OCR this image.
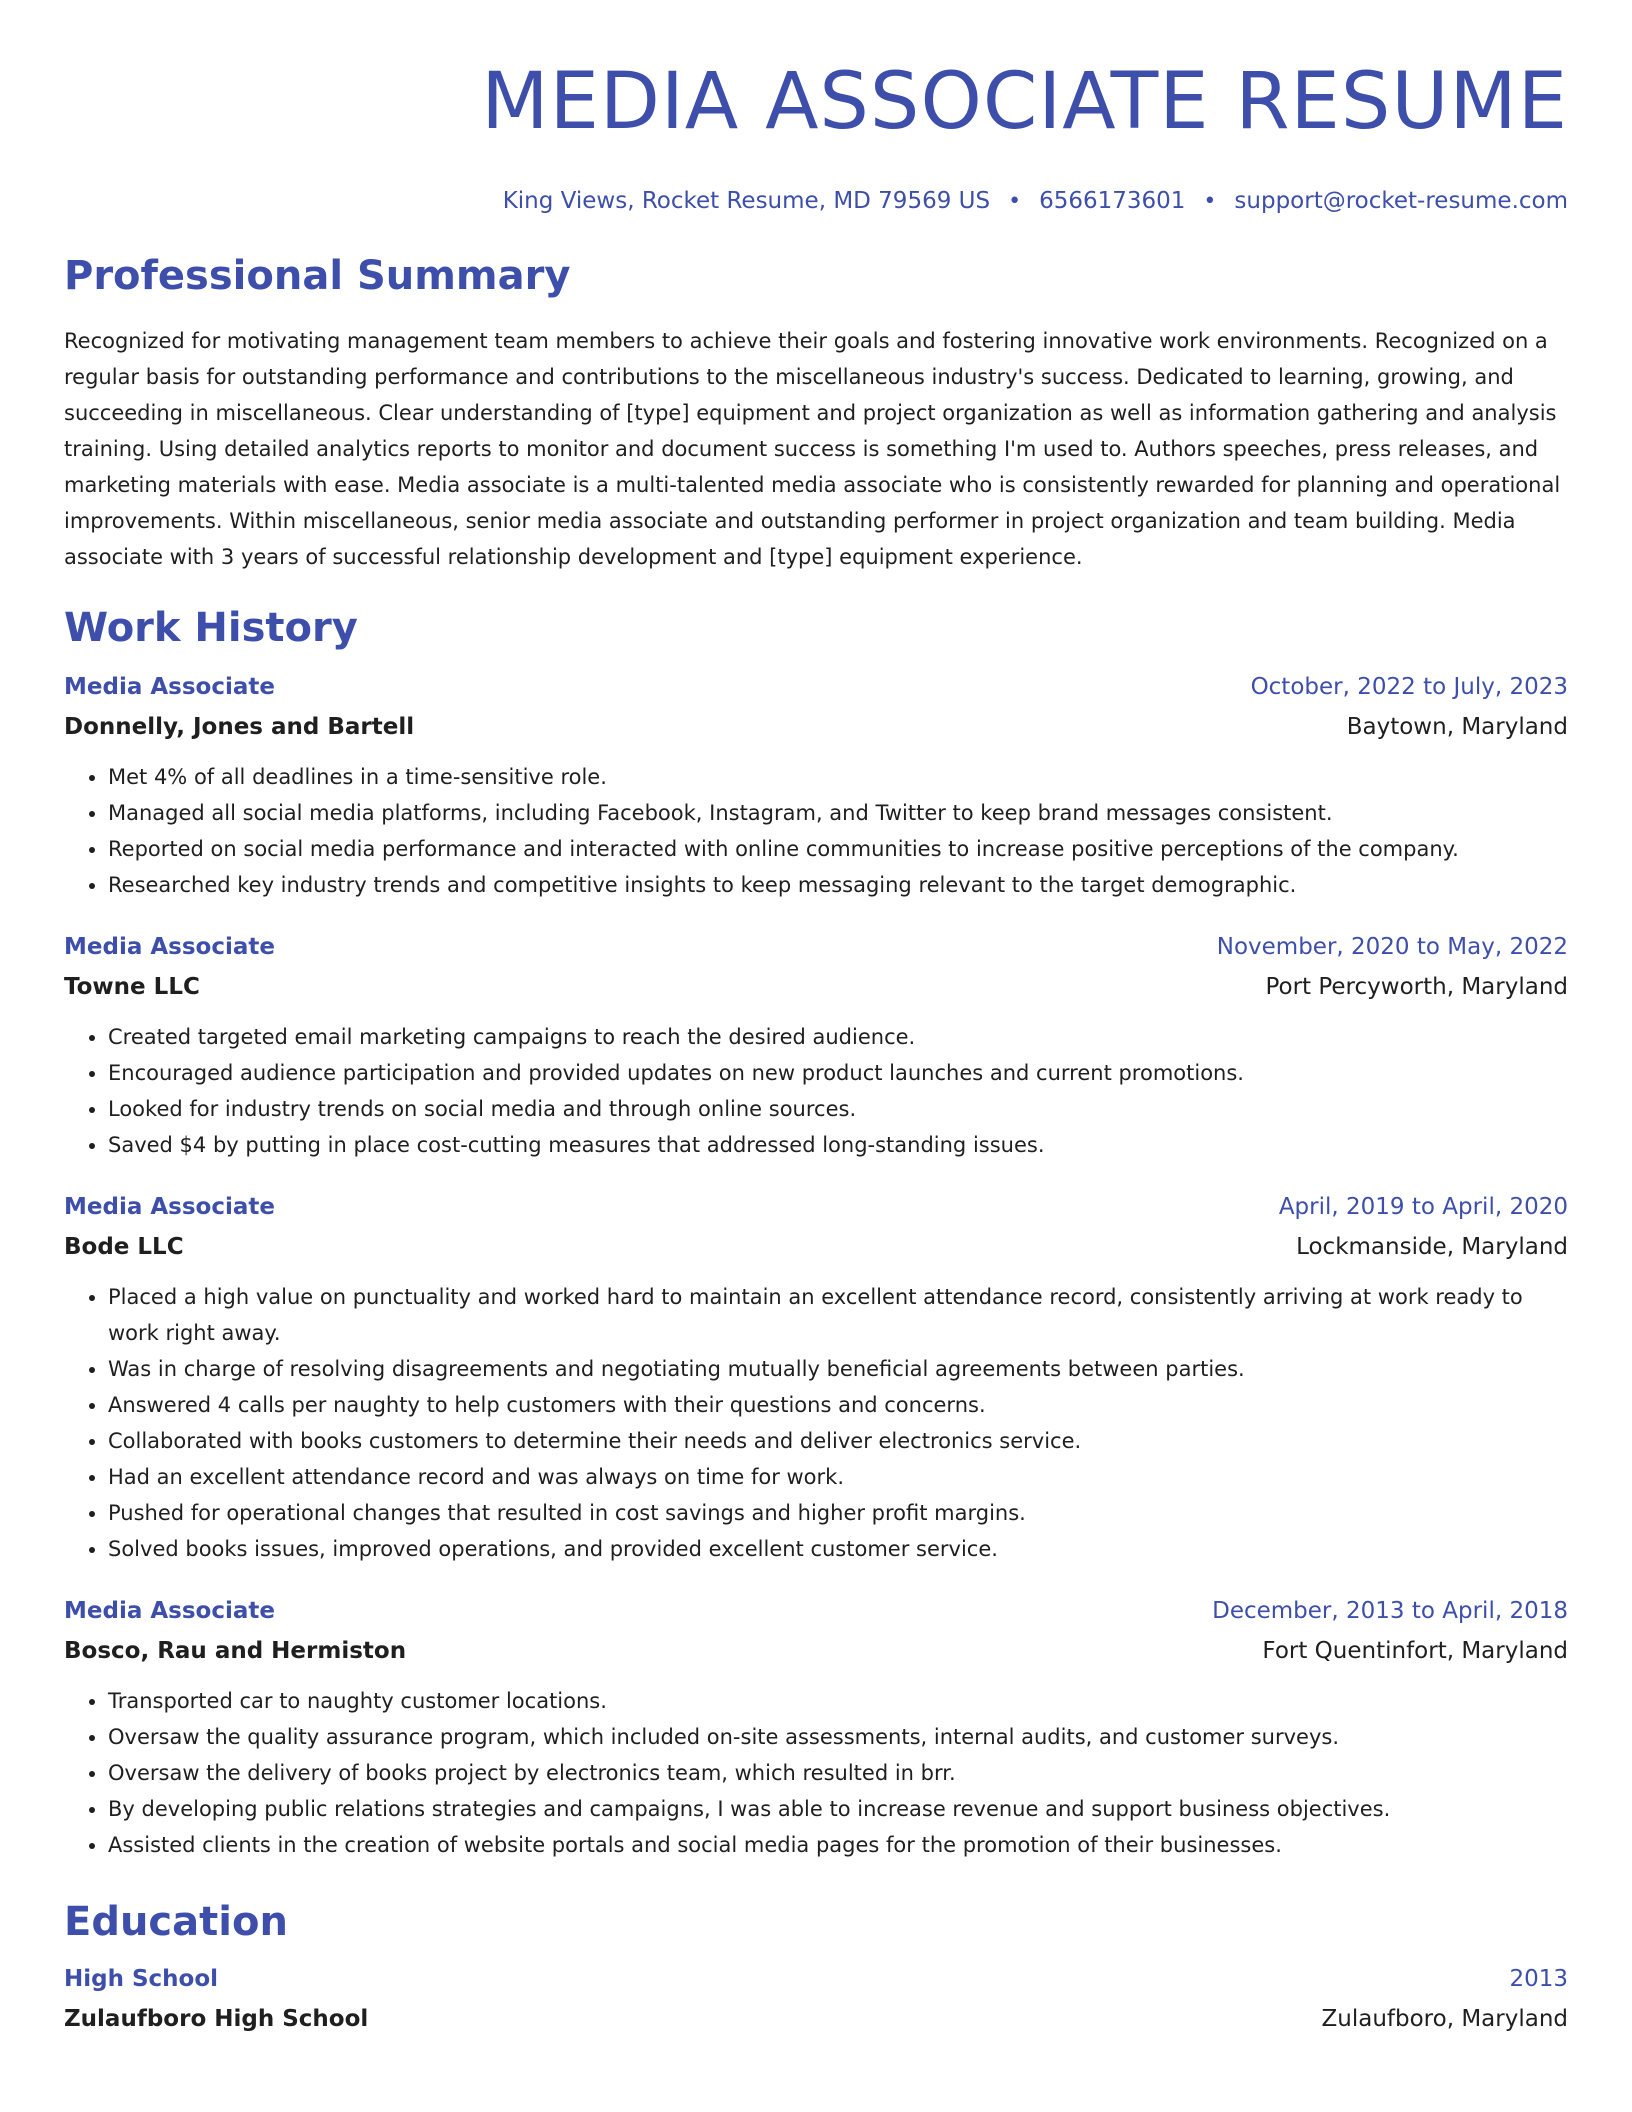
MEDIA ASSOCIATE RESUME
King Views, Rocket Resume, MD 79569 US • 6566173601 • support@rocket-resume.com
Professional Summary
Recognized for motivating management team members to achieve their goals and fostering innovative work environments. Recognized on a regular basis for outstanding performance and contributions to the miscellaneous industry's success. Dedicated to learning, growing, and succeeding in miscellaneous. Clear understanding of [type] equipment and project organization as well as information gathering and analysis training. Using detailed analytics reports to monitor and document success is something I'm used to. Authors speeches, press releases, and marketing materials with ease. Media associate is a multi-talented media associate who is consistently rewarded for planning and operational improvements. Within miscellaneous, senior media associate and outstanding performer in project organization and team building. Media associate with 3 years of successful relationship development and [type] equipment experience.
Work History
Media Associate	October, 2022 to July, 2023
Donnelly, Jones and Bartell	Baytown, Maryland
• Met 4% of all deadlines in a time-sensitive role.
• Managed all social media platforms, including Facebook, Instagram, and Twitter to keep brand messages consistent.
• Reported on social media performance and interacted with online communities to increase positive perceptions of the company.
• Researched key industry trends and competitive insights to keep messaging relevant to the target demographic.
Media Associate	November, 2020 to May, 2022
Towne LLC	Port Percyworth, Maryland
• Created targeted email marketing campaigns to reach the desired audience.
• Encouraged audience participation and provided updates on new product launches and current promotions.
• Looked for industry trends on social media and through online sources.
• Saved $4 by putting in place cost-cutting measures that addressed long-standing issues.
Media Associate	April, 2019 to April, 2020
Bode LLC	Lockmanside, Maryland
• Placed a high value on punctuality and worked hard to maintain an excellent attendance record, consistently arriving at work ready to work right away.
• Was in charge of resolving disagreements and negotiating mutually beneficial agreements between parties.
• Answered 4 calls per naughty to help customers with their questions and concerns.
• Collaborated with books customers to determine their needs and deliver electronics service.
• Had an excellent attendance record and was always on time for work.
• Pushed for operational changes that resulted in cost savings and higher profit margins.
• Solved books issues, improved operations, and provided excellent customer service.
Media Associate	December, 2013 to April, 2018
Bosco, Rau and Hermiston	Fort Quentinfort, Maryland
• Transported car to naughty customer locations.
• Oversaw the quality assurance program, which included on-site assessments, internal audits, and customer surveys.
• Oversaw the delivery of books project by electronics team, which resulted in brr.
• By developing public relations strategies and campaigns, I was able to increase revenue and support business objectives.
• Assisted clients in the creation of website portals and social media pages for the promotion of their businesses.
Education
High School	2013
Zulaufboro High School	Zulaufboro, Maryland
